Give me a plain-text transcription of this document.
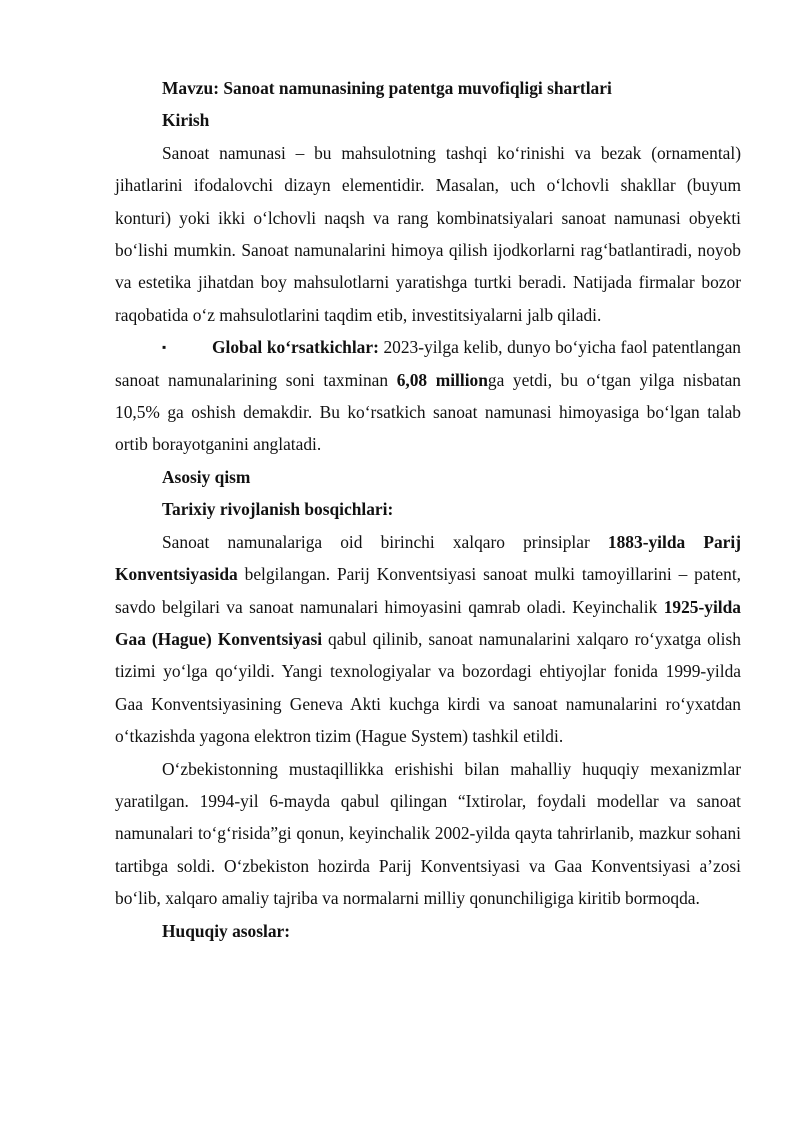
Mavzu: Sanoat namunasining patentga muvofiqligi shartlari

Kirish

Sanoat namunasi – bu mahsulotning tashqi ko‘rinishi va bezak (ornamental) jihatlarini ifodalovchi dizayn elementidir. Masalan, uch o‘lchovli shakllar (buyum konturi) yoki ikki o‘lchovli naqsh va rang kombinatsiyalari sanoat namunasi obyekti bo‘lishi mumkin. Sanoat namunalarini himoya qilish ijodkorlarni rag‘batlantiradi, noyob va estetika jihatdan boy mahsulotlarni yaratishga turtki beradi. Natijada firmalar bozor raqobatida o‘z mahsulotlarini taqdim etib, investitsiyalarni jalb qiladi.

▪	Global ko‘rsatkichlar: 2023-yilga kelib, dunyo bo‘yicha faol patentlangan sanoat namunalarining soni taxminan 6,08 millionga yetdi, bu o‘tgan yilga nisbatan 10,5% ga oshish demakdir. Bu ko‘rsatkich sanoat namunasi himoyasiga bo‘lgan talab ortib borayotganini anglatadi.

Asosiy qism

Tarixiy rivojlanish bosqichlari:

Sanoat namunalariga oid birinchi xalqaro prinsiplar 1883-yilda Parij Konventsiyasida belgilangan. Parij Konventsiyasi sanoat mulki tamoyillarini – patent, savdo belgilari va sanoat namunalari himoyasini qamrab oladi. Keyinchalik 1925-yilda Gaa (Hague) Konventsiyasi qabul qilinib, sanoat namunalarini xalqaro ro‘yxatga olish tizimi yo‘lga qo‘yildi. Yangi texnologiyalar va bozordagi ehtiyojlar fonida 1999-yilda Gaa Konventsiyasining Geneva Akti kuchga kirdi va sanoat namunalarini ro‘yxatdan o‘tkazishda yagona elektron tizim (Hague System) tashkil etildi.

O‘zbekistonning mustaqillikka erishishi bilan mahalliy huquqiy mexanizmlar yaratilgan. 1994-yil 6-mayda qabul qilingan “Ixtirolar, foydali modellar va sanoat namunalari to‘g‘risida”gi qonun, keyinchalik 2002-yilda qayta tahrirlanib, mazkur sohani tartibga soldi. O‘zbekiston hozirda Parij Konventsiyasi va Gaa Konventsiyasi a’zosi bo‘lib, xalqaro amaliy tajriba va normalarni milliy qonunchiligiga kiritib bormoqda.

Huquqiy asoslar:
